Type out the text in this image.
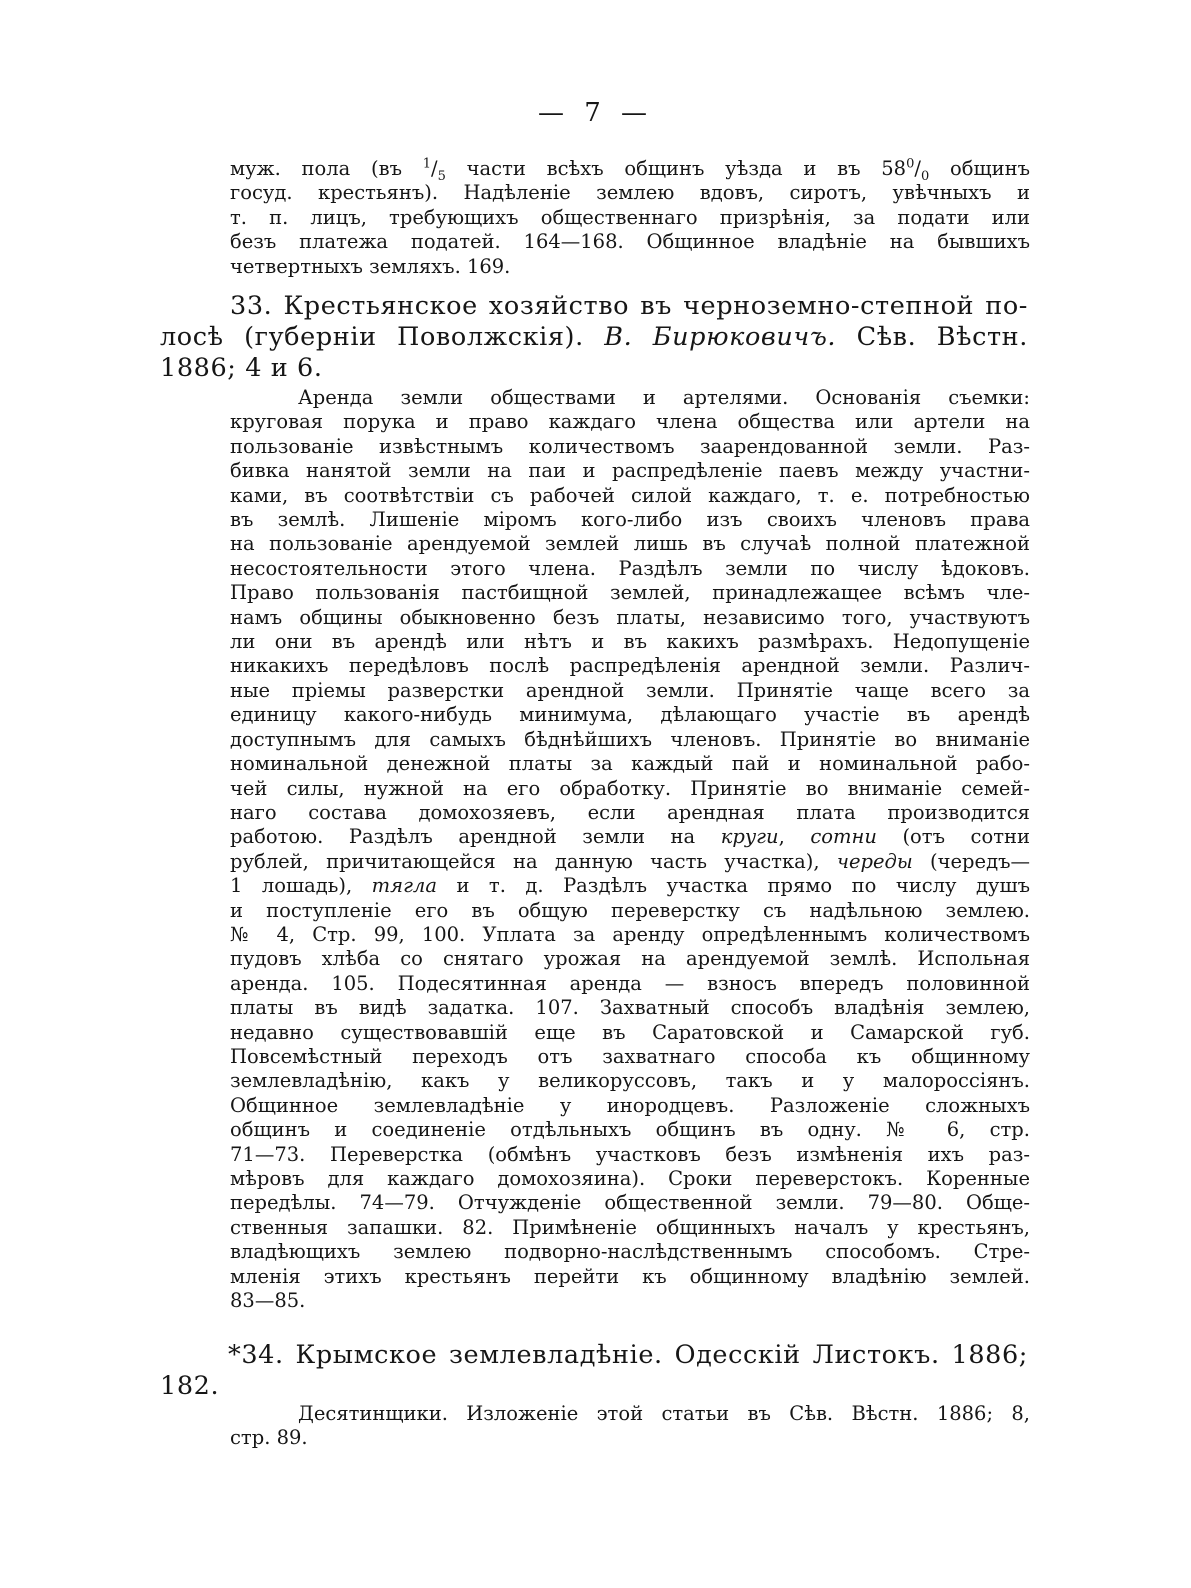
— 7 —
муж. пола (въ $^1/_5$ части всѣхъ общинъ уѣзда и въ $58^0/_0$ общинъ
госуд. крестьянъ). Надѣленіе землею вдовъ, сиротъ, увѣчныхъ и
т. п. лицъ, требующихъ общественнаго призрѣнія, за подати или
безъ платежа податей. 164—168. Общинное владѣніе на бывшихъ
четвертныхъ земляхъ. 169.
33. Крестьянское хозяйство въ черноземно-степной по-
лосѣ (губерніи Поволжскія). В. Бирюковичъ. Сѣв. Вѣстн.
1886; 4 и 6.
Аренда земли обществами и артелями. Основанія съемки:
круговая порука и право каждаго члена общества или артели на
пользованіе извѣстнымъ количествомъ заарендованной земли. Раз-
бивка нанятой земли на паи и распредѣленіе паевъ между участни-
ками, въ соотвѣтствіи съ рабочей силой каждаго, т. е. потребностью
въ землѣ. Лишеніе міромъ кого-либо изъ своихъ членовъ права
на пользованіе арендуемой землей лишь въ случаѣ полной платежной
несостоятельности этого члена. Раздѣлъ земли по числу ѣдоковъ.
Право пользованія пастбищной землей, принадлежащее всѣмъ чле-
намъ общины обыкновенно безъ платы, независимо того, участвуютъ
ли они въ арендѣ или нѣтъ и въ какихъ размѣрахъ. Недопущеніе
никакихъ передѣловъ послѣ распредѣленія арендной земли. Различ-
ные пріемы разверстки арендной земли. Принятіе чаще всего за
единицу какого-нибудь минимума, дѣлающаго участіе въ арендѣ
доступнымъ для самыхъ бѣднѣйшихъ членовъ. Принятіе во вниманіе
номинальной денежной платы за каждый пай и номинальной рабо-
чей силы, нужной на его обработку. Принятіе во вниманіе семей-
наго состава домохозяевъ, если арендная плата производится
работою. Раздѣлъ арендной земли на круги, сотни (отъ сотни
рублей, причитающейся на данную часть участка), череды (чередъ—
1 лошадь), тягла и т. д. Раздѣлъ участка прямо по числу душъ
и поступленіе его въ общую переверстку съ надѣльною землею.
№ 4, Стр. 99, 100. Уплата за аренду опредѣленнымъ количествомъ
пудовъ хлѣба со снятаго урожая на арендуемой землѣ. Испольная
аренда. 105. Подесятинная аренда — взносъ впередъ половинной
платы въ видѣ задатка. 107. Захватный способъ владѣнія землею,
недавно существовавшій еще въ Саратовской и Самарской губ.
Повсемѣстный переходъ отъ захватнаго способа къ общинному
землевладѣнію, какъ у великоруссовъ, такъ и у малороссіянъ.
Общинное землевладѣніе у инородцевъ. Разложеніе сложныхъ
общинъ и соединеніе отдѣльныхъ общинъ въ одну. № 6, стр.
71—73. Переверстка (обмѣнъ участковъ безъ измѣненія ихъ раз-
мѣровъ для каждаго домохозяина). Сроки переверстокъ. Коренные
передѣлы. 74—79. Отчужденіе общественной земли. 79—80. Обще-
ственныя запашки. 82. Примѣненіе общинныхъ началъ у крестьянъ,
владѣющихъ землею подворно-наслѣдственнымъ способомъ. Стре-
мленія этихъ крестьянъ перейти къ общинному владѣнію землей.
83—85.
*34. Крымское землевладѣніе. Одесскій Листокъ. 1886;
182.
Десятинщики. Изложеніе этой статьи въ Сѣв. Вѣстн. 1886; 8,
стр. 89.
